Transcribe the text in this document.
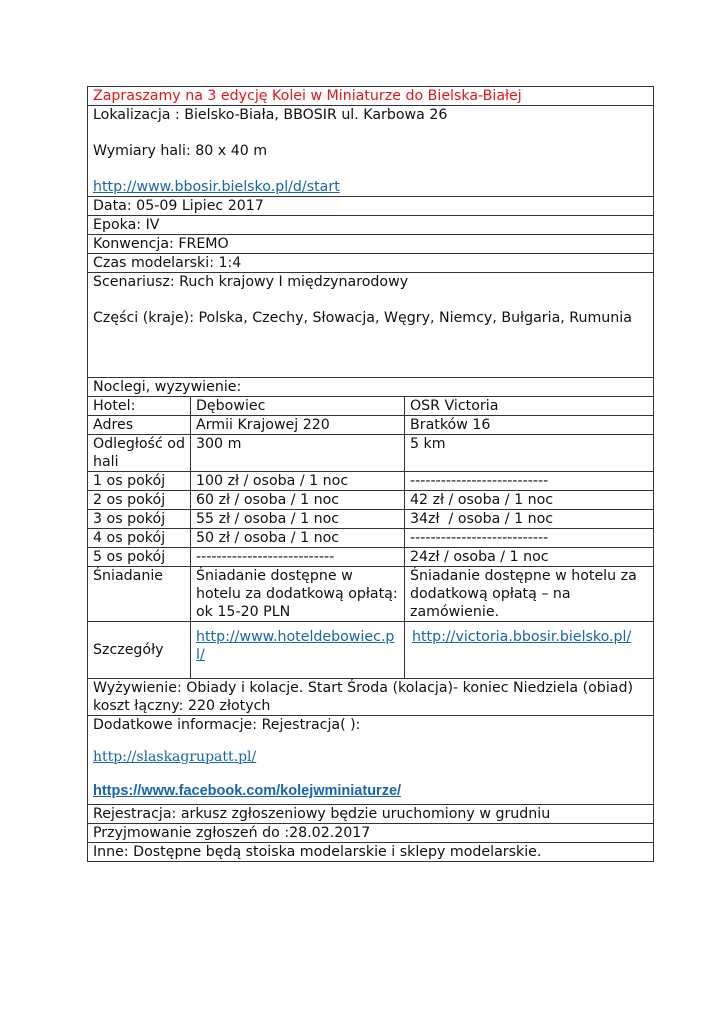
Zapraszamy na 3 edycję Kolei w Miniaturze do Bielska-Białej		

Lokalizacja : Bielsko-Biała, BBOSIR ul. Karbowa 26
Wymiary hali: 80 x 40 m
http://www.bbosir.bielsko.pl/d/start		

Data: 05-09 Lipiec 2017		
Epoka: IV		
Konwencja: FREMO		
Czas modelarski: 1:4		

Scenariusz: Ruch krajowy I międzynarodowy
Części (kraje): Polska, Czechy, Słowacja, Węgry, Niemcy, Bułgaria, Rumunia		

Noclegi, wyzywienie:		
Hotel:	Dębowiec	OSR Victoria
Adres	Armii Krajowej 220	Bratków 16
Odległość od hali	300 m	5 km
1 os pokój	100 zł / osoba / 1 noc	---------------------------
2 os pokój	60 zł / osoba / 1 noc	42 zł / osoba / 1 noc
3 os pokój	55 zł / osoba / 1 noc	34zł  / osoba / 1 noc
4 os pokój	50 zł / osoba / 1 noc	---------------------------
5 os pokój	---------------------------	24zł / osoba / 1 noc
Śniadanie	Śniadanie dostępne w hotelu za dodatkową opłatą: ok 15-20 PLN	Śniadanie dostępne w hotelu za dodatkową opłatą – na zamówienie.
Szczegóły	http://www.hoteldebowiec.pl/	http://victoria.bbosir.bielsko.pl/
Wyżywienie: Obiady i kolacje. Start Środa (kolacja)- koniec Niedziela (obiad) koszt łączny: 220 złotych		

Dodatkowe informacje: Rejestracja( ):
http://slaskagrupatt.pl/
https://www.facebook.com/kolejwminiaturze/		

Rejestracja: arkusz zgłoszeniowy będzie uruchomiony w grudniu		
Przyjmowanie zgłoszeń do :28.02.2017		
Inne: Dostępne będą stoiska modelarskie i sklepy modelarskie.		
